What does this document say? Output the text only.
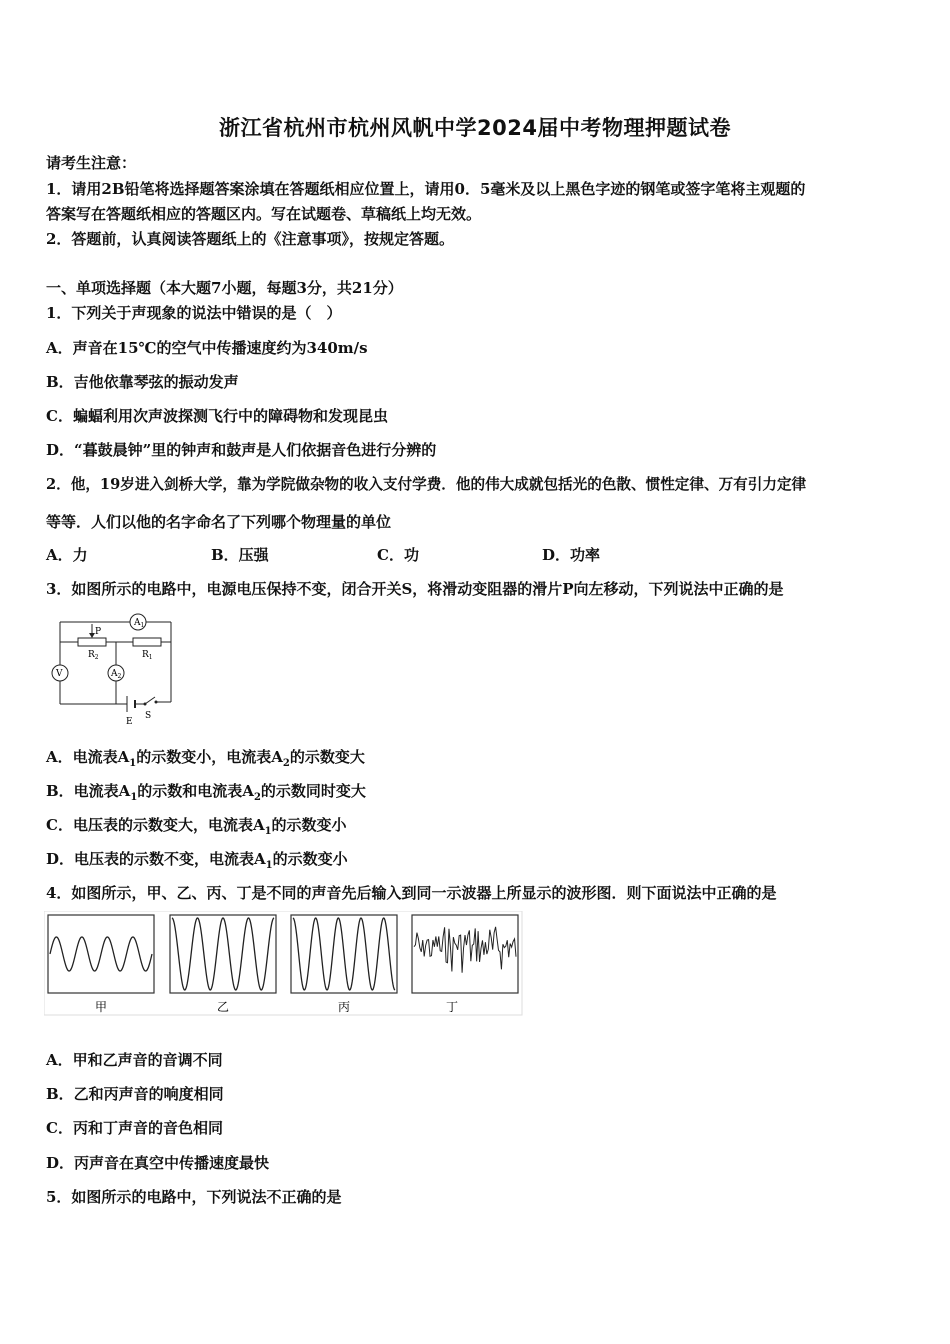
浙江省杭州市杭州风帆中学2024届中考物理押题试卷
请考生注意：
1．请用2B铅笔将选择题答案涂填在答题纸相应位置上，请用0．5毫米及以上黑色字迹的钢笔或签字笔将主观题的
答案写在答题纸相应的答题区内。写在试题卷、草稿纸上均无效。
2．答题前，认真阅读答题纸上的《注意事项》，按规定答题。
一、单项选择题（本大题7小题，每题3分，共21分）
1．下列关于声现象的说法中错误的是（　）
A．声音在15℃的空气中传播速度约为340m/s
B．吉他依靠琴弦的振动发声
C．蝙蝠利用次声波探测飞行中的障碍物和发现昆虫
D．“暮鼓晨钟”里的钟声和鼓声是人们依据音色进行分辨的
2．他，19岁进入剑桥大学，靠为学院做杂物的收入支付学费．他的伟大成就包括光的色散、惯性定律、万有引力定律
等等．人们以他的名字命名了下列哪个物理量的单位
A．力	B．压强	C．功	D．功率
3．如图所示的电路中，电源电压保持不变，闭合开关S，将滑动变阻器的滑片P向左移动，下列说法中正确的是
$A_1$
$A_2$
V
P
$R_2$	$R_1$
E
S
A．电流表$A_1$的示数变小，电流表$A_2$的示数变大
B．电流表$A_1$的示数和电流表$A_2$的示数同时变大
C．电压表的示数变大，电流表$A_1$的示数变小
D．电压表的示数不变，电流表$A_1$的示数变小
4．如图所示，甲、乙、丙、丁是不同的声音先后输入到同一示波器上所显示的波形图．则下面说法中正确的是
甲	乙	丙	丁
A．甲和乙声音的音调不同
B．乙和丙声音的响度相同
C．丙和丁声音的音色相同
D．丙声音在真空中传播速度最快
5．如图所示的电路中，下列说法不正确的是
